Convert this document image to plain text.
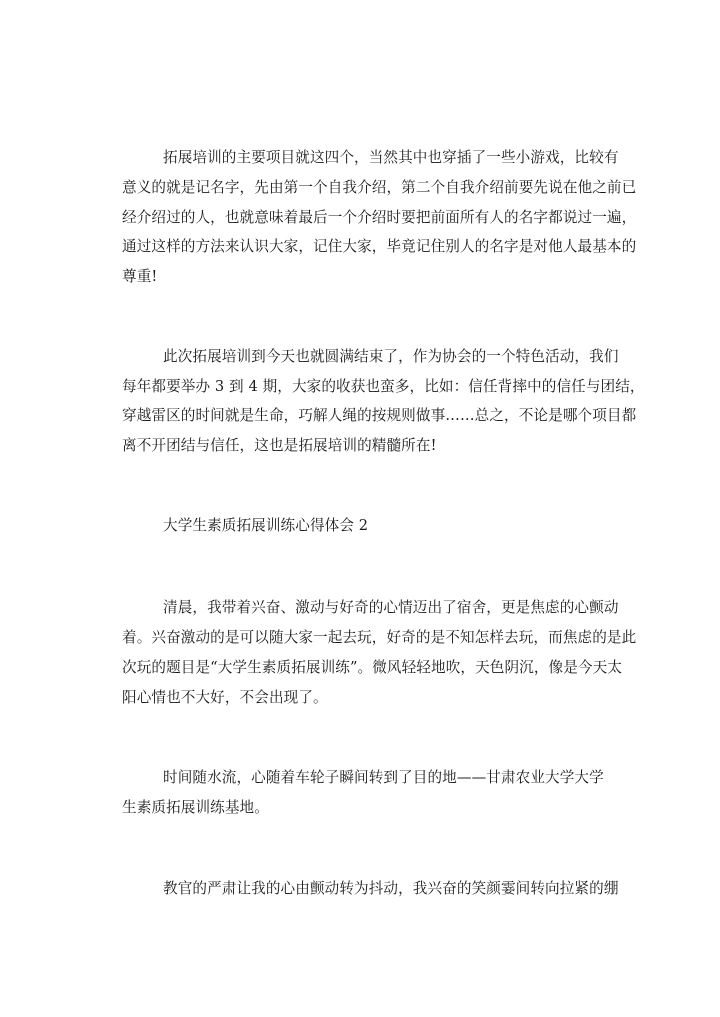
拓展培训的主要项目就这四个，当然其中也穿插了一些小游戏，比较有
意义的就是记名字，先由第一个自我介绍，第二个自我介绍前要先说在他之前已
经介绍过的人，也就意味着最后一个介绍时要把前面所有人的名字都说过一遍，
通过这样的方法来认识大家，记住大家，毕竟记住别人的名字是对他人最基本的
尊重!
此次拓展培训到今天也就圆满结束了，作为协会的一个特色活动，我们
每年都要举办 3 到 4 期，大家的收获也蛮多，比如：信任背摔中的信任与团结，
穿越雷区的时间就是生命，巧解人绳的按规则做事……总之，不论是哪个项目都
离不开团结与信任，这也是拓展培训的精髓所在!
大学生素质拓展训练心得体会 2
清晨，我带着兴奋、激动与好奇的心情迈出了宿舍，更是焦虑的心颤动
着。兴奋激动的是可以随大家一起去玩，好奇的是不知怎样去玩，而焦虑的是此
次玩的题目是“大学生素质拓展训练”。微风轻轻地吹，天色阴沉，像是今天太
阳心情也不大好，不会出现了。
时间随水流，心随着车轮子瞬间转到了目的地——甘肃农业大学大学
生素质拓展训练基地。
教官的严肃让我的心由颤动转为抖动，我兴奋的笑颜霎间转向拉紧的绷
